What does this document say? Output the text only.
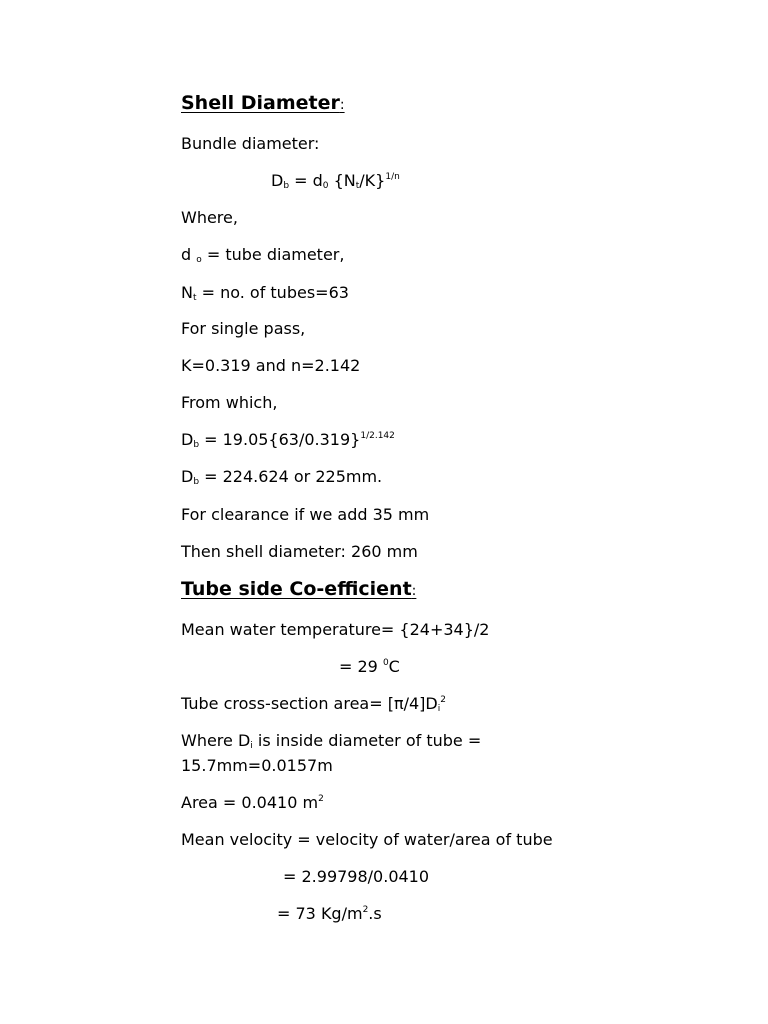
Shell Diameter:
Bundle diameter:
$D_b = d_0$ $\{N_t/K\}^{1/n}$
Where,
d $_o$ = tube diameter,
$N_t$ = no. of tubes=63
For single pass,
K=0.319 and n=2.142
From which,
$D_b = 19.05\{63/0.319\}^{1/2.142}$
$D_b = 224.624$ or 225mm.
For clearance if we add 35 mm
Then shell diameter: 260 mm
Tube side Co-efficient:
Mean water temperature= {24+34}/2
= 29 $^0$C
Tube cross-section area= $[\pi/4]D_i^2$
Where $D_i$ is inside diameter of tube =
15.7mm=0.0157m
Area = 0.0410 $m^2$
Mean velocity = velocity of water/area of tube
= 2.99798/0.0410
= 73 $Kg/m^2.s$
